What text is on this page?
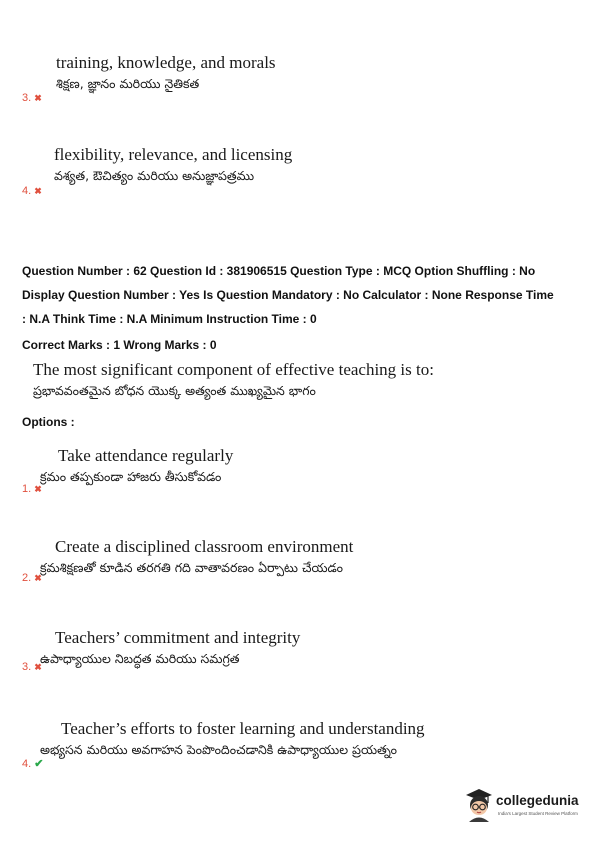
training, knowledge, and morals
శిక్షణ, జ్ఞానం మరియు నైతికత
3. ✖
flexibility, relevance, and licensing
వశ్యత, ఔచిత్యం మరియు అనుజ్ఞాపత్రము
4. ✖
Question Number : 62 Question Id : 381906515 Question Type : MCQ Option Shuffling : No
Display Question Number : Yes Is Question Mandatory : No Calculator : None Response Time
: N.A Think Time : N.A Minimum Instruction Time : 0
Correct Marks : 1 Wrong Marks : 0
The most significant component of effective teaching is to:
ప్రభావవంతమైన బోధన యొక్క అత్యంత ముఖ్యమైన భాగం
Options :
Take attendance regularly
క్రమం తప్పకుండా హాజరు తీసుకోవడం
1. ✖
Create a disciplined classroom environment
క్రమశిక్షణతో కూడిన తరగతి గది వాతావరణం ఏర్పాటు చేయడం
2. ✖
Teachers’ commitment and integrity
ఉపాధ్యాయుల నిబద్ధత మరియు సమగ్రత
3. ✖
Teacher’s efforts to foster learning and understanding
అభ్యసన మరియు అవగాహన పెంపొందించడానికి ఉపాధ్యాయుల ప్రయత్నం
4. ✔
collegedunia
India's Largest Student Review Platform
